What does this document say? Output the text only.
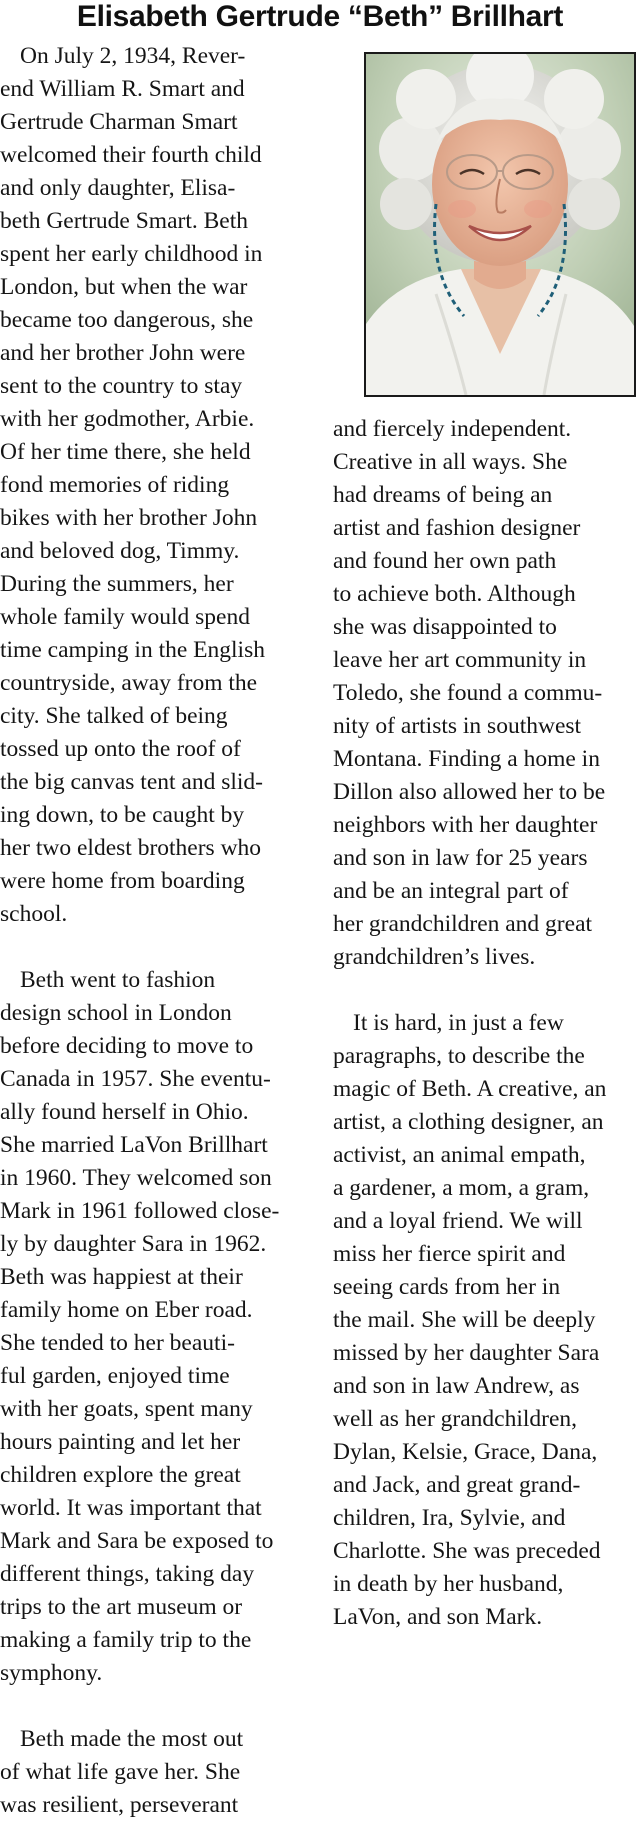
Elisabeth Gertrude “Beth” Brillhart
On July 2, 1934, Rever-
end William R. Smart and
Gertrude Charman Smart
welcomed their fourth child
and only daughter, Elisa-
beth Gertrude Smart. Beth
spent her early childhood in
London, but when the war
became too dangerous, she
and her brother John were
sent to the country to stay
with her godmother, Arbie.
Of her time there, she held
fond memories of riding
bikes with her brother John
and beloved dog, Timmy.
During the summers, her
whole family would spend
time camping in the English
countryside, away from the
city. She talked of being
tossed up onto the roof of
the big canvas tent and slid-
ing down, to be caught by
her two eldest brothers who
were home from boarding
school.
Beth went to fashion
design school in London
before deciding to move to
Canada in 1957. She eventu-
ally found herself in Ohio.
She married LaVon Brillhart
in 1960. They welcomed son
Mark in 1961 followed close-
ly by daughter Sara in 1962.
Beth was happiest at their
family home on Eber road.
She tended to her beauti-
ful garden, enjoyed time
with her goats, spent many
hours painting and let her
children explore the great
world. It was important that
Mark and Sara be exposed to
different things, taking day
trips to the art museum or
making a family trip to the
symphony.
Beth made the most out
of what life gave her. She
was resilient, perseverant
and fiercely independent.
Creative in all ways. She
had dreams of being an
artist and fashion designer
and found her own path
to achieve both. Although
she was disappointed to
leave her art community in
Toledo, she found a commu-
nity of artists in southwest
Montana. Finding a home in
Dillon also allowed her to be
neighbors with her daughter
and son in law for 25 years
and be an integral part of
her grandchildren and great
grandchildren’s lives.
It is hard, in just a few
paragraphs, to describe the
magic of Beth. A creative, an
artist, a clothing designer, an
activist, an animal empath,
a gardener, a mom, a gram,
and a loyal friend. We will
miss her fierce spirit and
seeing cards from her in
the mail. She will be deeply
missed by her daughter Sara
and son in law Andrew, as
well as her grandchildren,
Dylan, Kelsie, Grace, Dana,
and Jack, and great grand-
children, Ira, Sylvie, and
Charlotte. She was preceded
in death by her husband,
LaVon, and son Mark.
